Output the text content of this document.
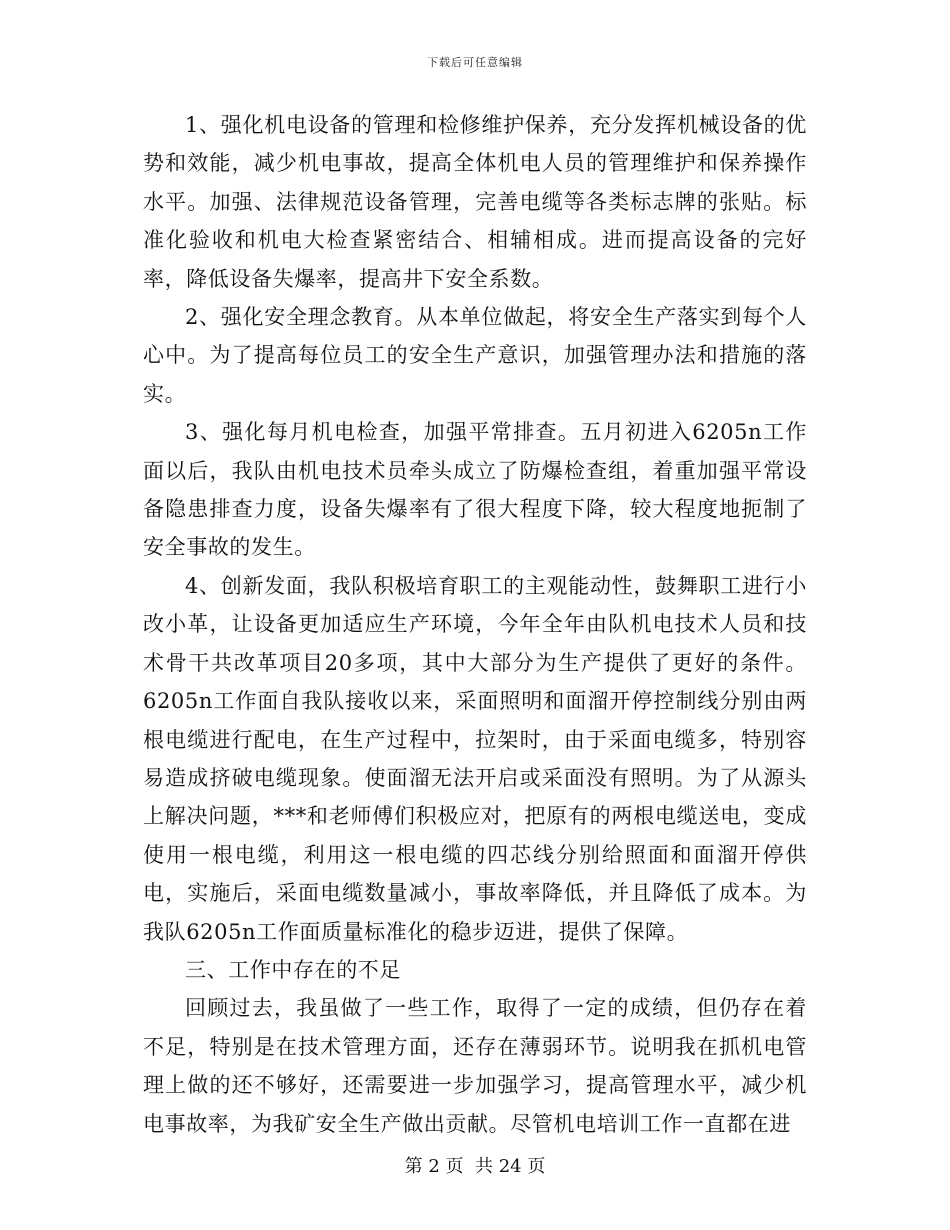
下载后可任意编辑

1、强化机电设备的管理和检修维护保养，充分发挥机械设备的优势和效能，减少机电事故，提高全体机电人员的管理维护和保养操作水平。加强、法律规范设备管理，完善电缆等各类标志牌的张贴。标准化验收和机电大检查紧密结合、相辅相成。进而提高设备的完好率，降低设备失爆率，提高井下安全系数。

2、强化安全理念教育。从本单位做起，将安全生产落实到每个人心中。为了提高每位员工的安全生产意识，加强管理办法和措施的落实。

3、强化每月机电检查，加强平常排查。五月初进入6205n工作面以后，我队由机电技术员牵头成立了防爆检查组，着重加强平常设备隐患排查力度，设备失爆率有了很大程度下降，较大程度地扼制了安全事故的发生。

4、创新发面，我队积极培育职工的主观能动性，鼓舞职工进行小改小革，让设备更加适应生产环境，今年全年由队机电技术人员和技术骨干共改革项目20多项，其中大部分为生产提供了更好的条件。6205n工作面自我队接收以来，采面照明和面溜开停控制线分别由两根电缆进行配电，在生产过程中，拉架时，由于采面电缆多，特别容易造成挤破电缆现象。使面溜无法开启或采面没有照明。为了从源头上解决问题，***和老师傅们积极应对，把原有的两根电缆送电，变成使用一根电缆，利用这一根电缆的四芯线分别给照面和面溜开停供电，实施后，采面电缆数量减小，事故率降低，并且降低了成本。为我队6205n工作面质量标准化的稳步迈进，提供了保障。

三、工作中存在的不足

回顾过去，我虽做了一些工作，取得了一定的成绩，但仍存在着不足，特别是在技术管理方面，还存在薄弱环节。说明我在抓机电管理上做的还不够好，还需要进一步加强学习，提高管理水平，减少机电事故率，为我矿安全生产做出贡献。尽管机电培训工作一直都在进

第 2 页  共 24 页
